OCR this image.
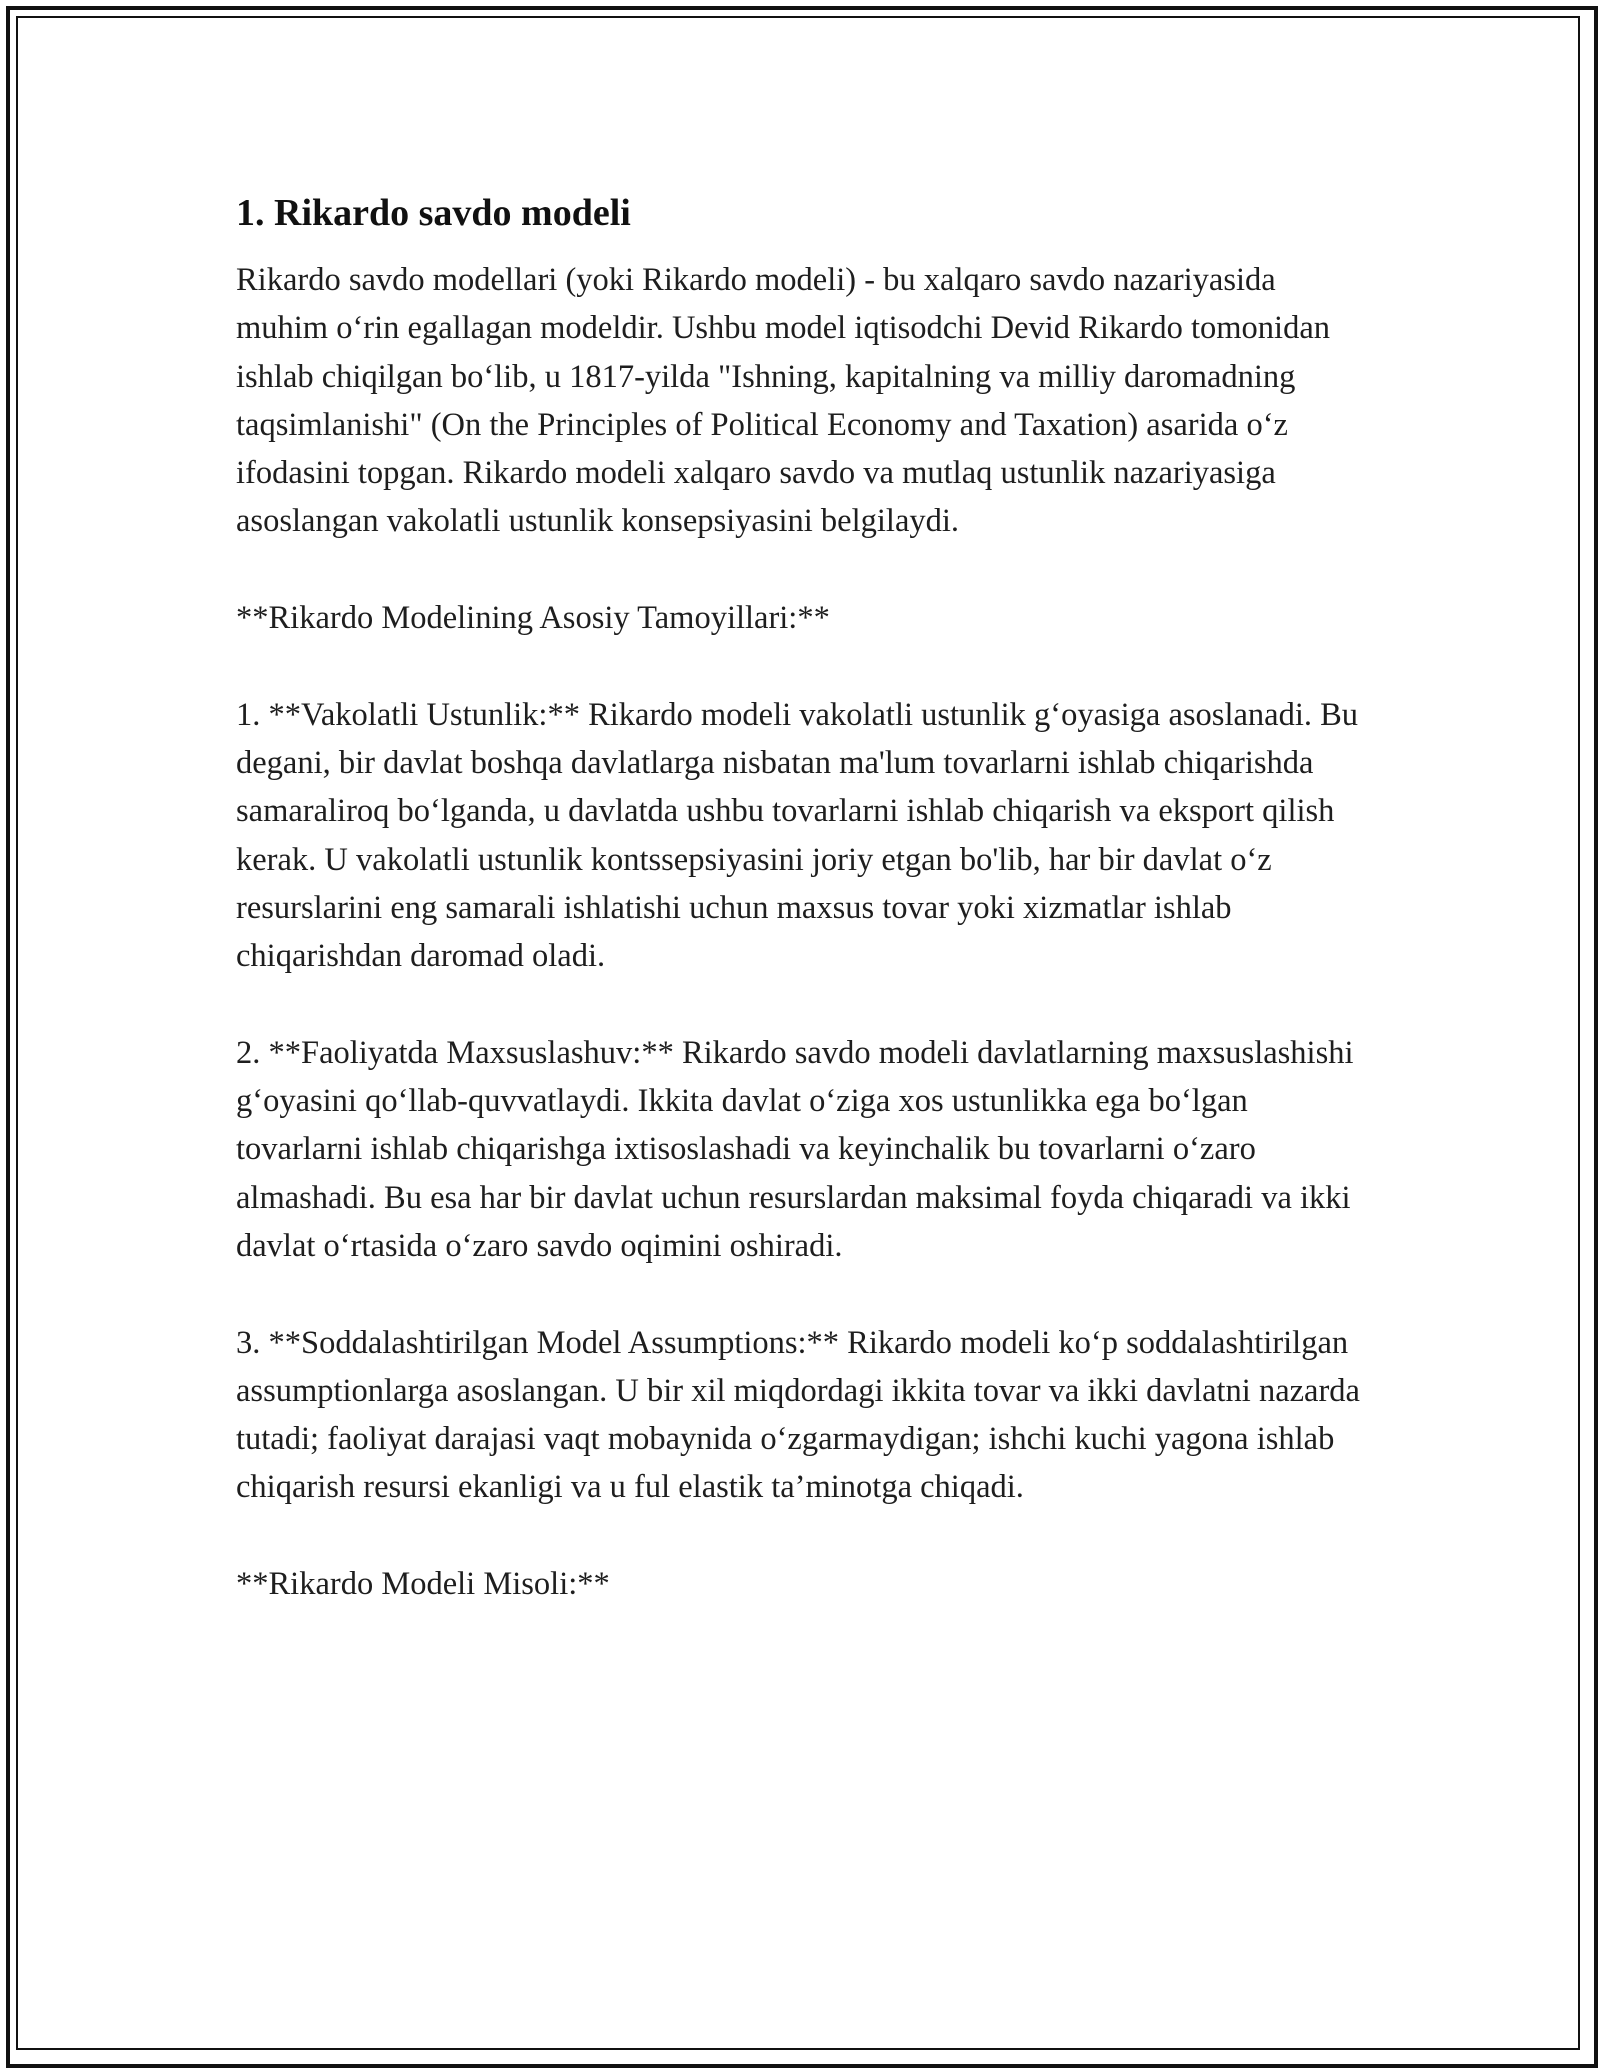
1. Rikardo savdo modeli

Rikardo savdo modellari (yoki Rikardo modeli) - bu xalqaro savdo nazariyasida muhim o‘rin egallagan modeldir. Ushbu model iqtisodchi Devid Rikardo tomonidan ishlab chiqilgan bo‘lib, u 1817-yilda "Ishning, kapitalning va milliy daromadning taqsimlanishi" (On the Principles of Political Economy and Taxation) asarida o‘z ifodasini topgan. Rikardo modeli xalqaro savdo va mutlaq ustunlik nazariyasiga asoslangan vakolatli ustunlik konsepsiyasini belgilaydi.

**Rikardo Modelining Asosiy Tamoyillari:**

1. **Vakolatli Ustunlik:** Rikardo modeli vakolatli ustunlik g‘oyasiga asoslanadi. Bu degani, bir davlat boshqa davlatlarga nisbatan ma'lum tovarlarni ishlab chiqarishda samaraliroq bo‘lganda, u davlatda ushbu tovarlarni ishlab chiqarish va eksport qilish kerak. U vakolatli ustunlik kontssepsiyasini joriy etgan bo'lib, har bir davlat o‘z resurslarini eng samarali ishlatishi uchun maxsus tovar yoki xizmatlar ishlab chiqarishdan daromad oladi.

2. **Faoliyatda Maxsuslashuv:** Rikardo savdo modeli davlatlarning maxsuslashishi g‘oyasini qo‘llab-quvvatlaydi. Ikkita davlat o‘ziga xos ustunlikka ega bo‘lgan tovarlarni ishlab chiqarishga ixtisoslashadi va keyinchalik bu tovarlarni o‘zaro almashadi. Bu esa har bir davlat uchun resurslardan maksimal foyda chiqaradi va ikki davlat o‘rtasida o‘zaro savdo oqimini oshiradi.

3. **Soddalashtirilgan Model Assumptions:** Rikardo modeli ko‘p soddalashtirilgan assumptionlarga asoslangan. U bir xil miqdordagi ikkita tovar va ikki davlatni nazarda tutadi; faoliyat darajasi vaqt mobaynida o‘zgarmaydigan; ishchi kuchi yagona ishlab chiqarish resursi ekanligi va u ful elastik ta’minotga chiqadi.

**Rikardo Modeli Misoli:**
